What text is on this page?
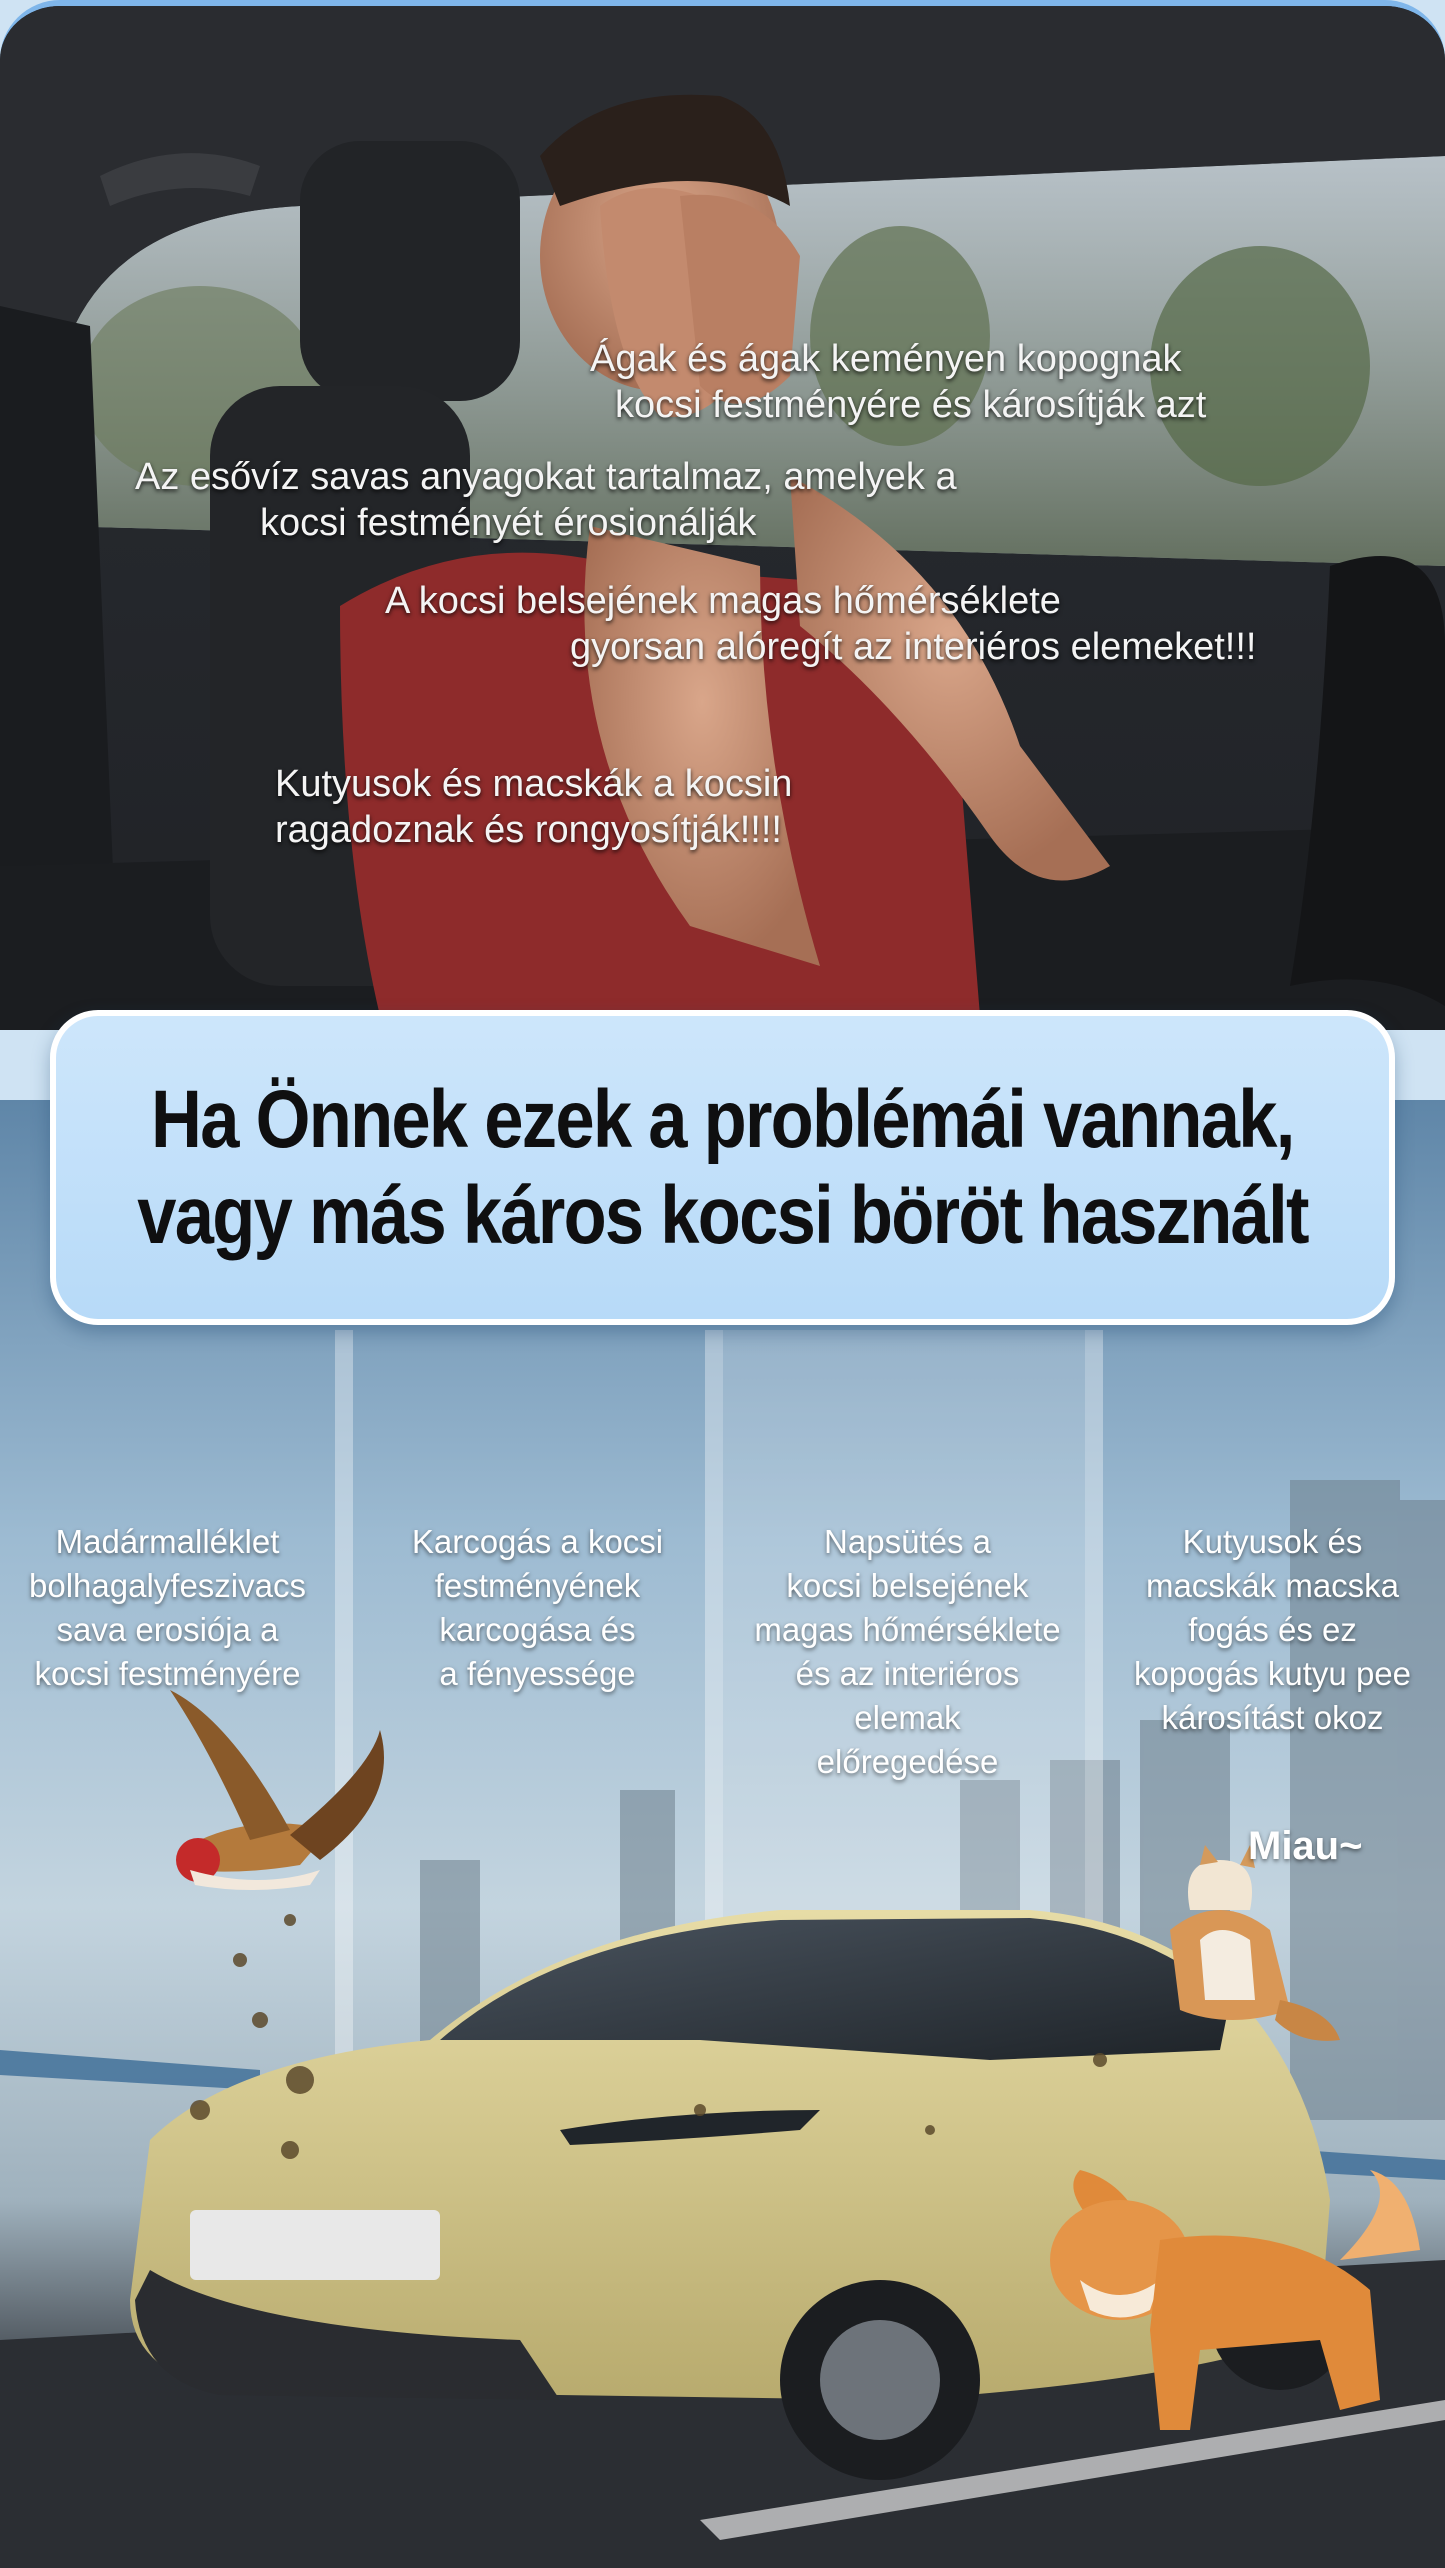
Ágak és ágak keményen kopognak
kocsi festményére és károsítják azt
Az esővíz savas anyagokat tartalmaz, amelyek a
kocsi festményét érosionálják
A kocsi belsejének magas hőmérséklete
gyorsan alóregít az interiéros elemeket!!!
Kutyusok és macskák a kocsin
ragadoznak és rongyosítják!!!!
Miau~
Madármalléklet
bolhagalyfeszivacs
sava erosiója a
kocsi festményére
Karcogás a kocsi
festményének
karcogása és
a fényessége
Napsütés a
kocsi belsejének
magas hőmérséklete
és az interiéros elemak
előregedése
Kutyusok és
macskák macska
fogás és ez
kopogás kutyu pee
károsítást okoz
Ha Önnek ezek a problémái vannak,
vagy más káros kocsi böröt használt
